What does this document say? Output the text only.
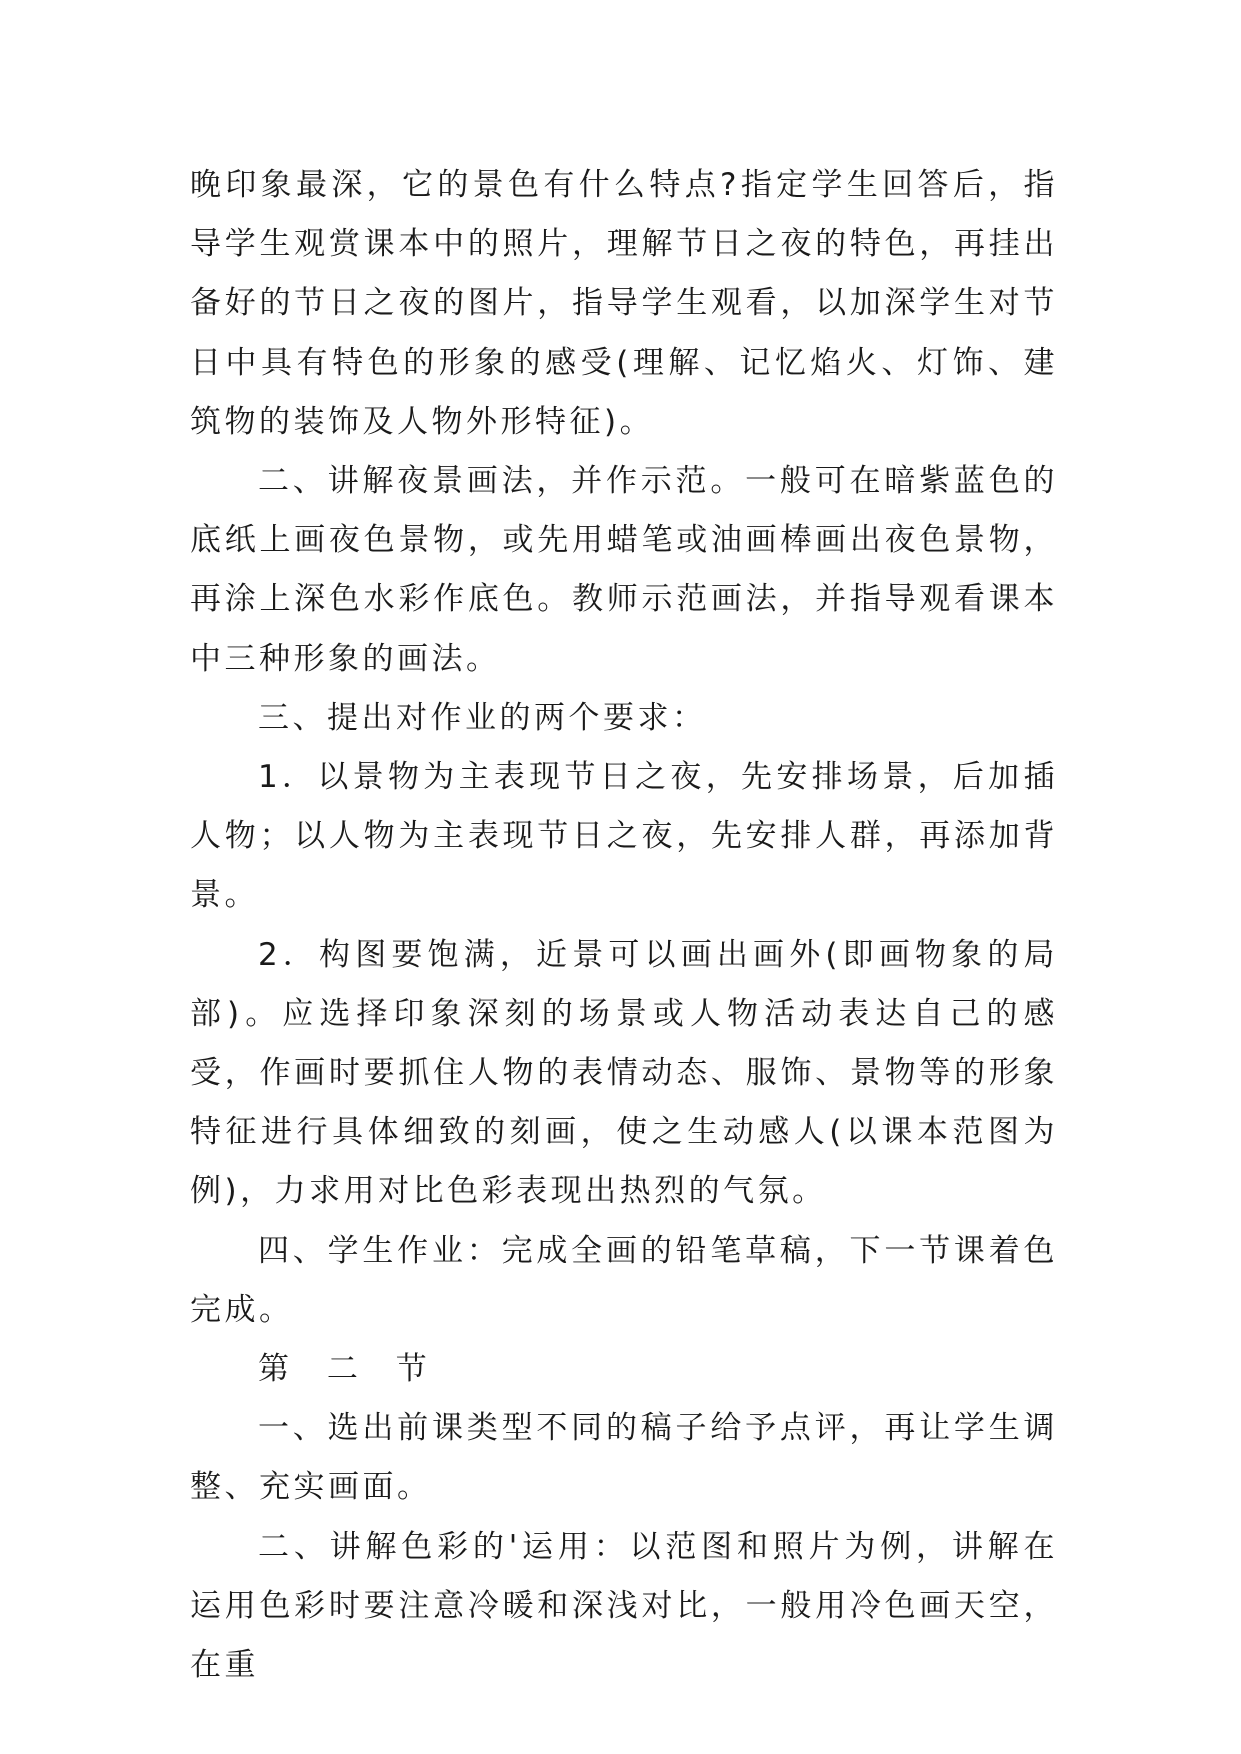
晚印象最深，它的景色有什么特点?指定学生回答后，指导学生观赏课本中的照片，理解节日之夜的特色，再挂出备好的节日之夜的图片，指导学生观看，以加深学生对节日中具有特色的形象的感受(理解、记忆焰火、灯饰、建筑物的装饰及人物外形特征)。

二、讲解夜景画法，并作示范。一般可在暗紫蓝色的底纸上画夜色景物，或先用蜡笔或油画棒画出夜色景物，再涂上深色水彩作底色。教师示范画法，并指导观看课本中三种形象的画法。

三、提出对作业的两个要求：

1．以景物为主表现节日之夜，先安排场景，后加插人物；以人物为主表现节日之夜，先安排人群，再添加背景。

2．构图要饱满，近景可以画出画外(即画物象的局部)。应选择印象深刻的场景或人物活动表达自己的感受，作画时要抓住人物的表情动态、服饰、景物等的形象特征进行具体细致的刻画，使之生动感人(以课本范图为例)，力求用对比色彩表现出热烈的气氛。

四、学生作业：完成全画的铅笔草稿，下一节课着色完成。

第 二 节

一、选出前课类型不同的稿子给予点评，再让学生调整、充实画面。

二、讲解色彩的'运用：以范图和照片为例，讲解在运用色彩时要注意冷暖和深浅对比，一般用冷色画天空，在重
